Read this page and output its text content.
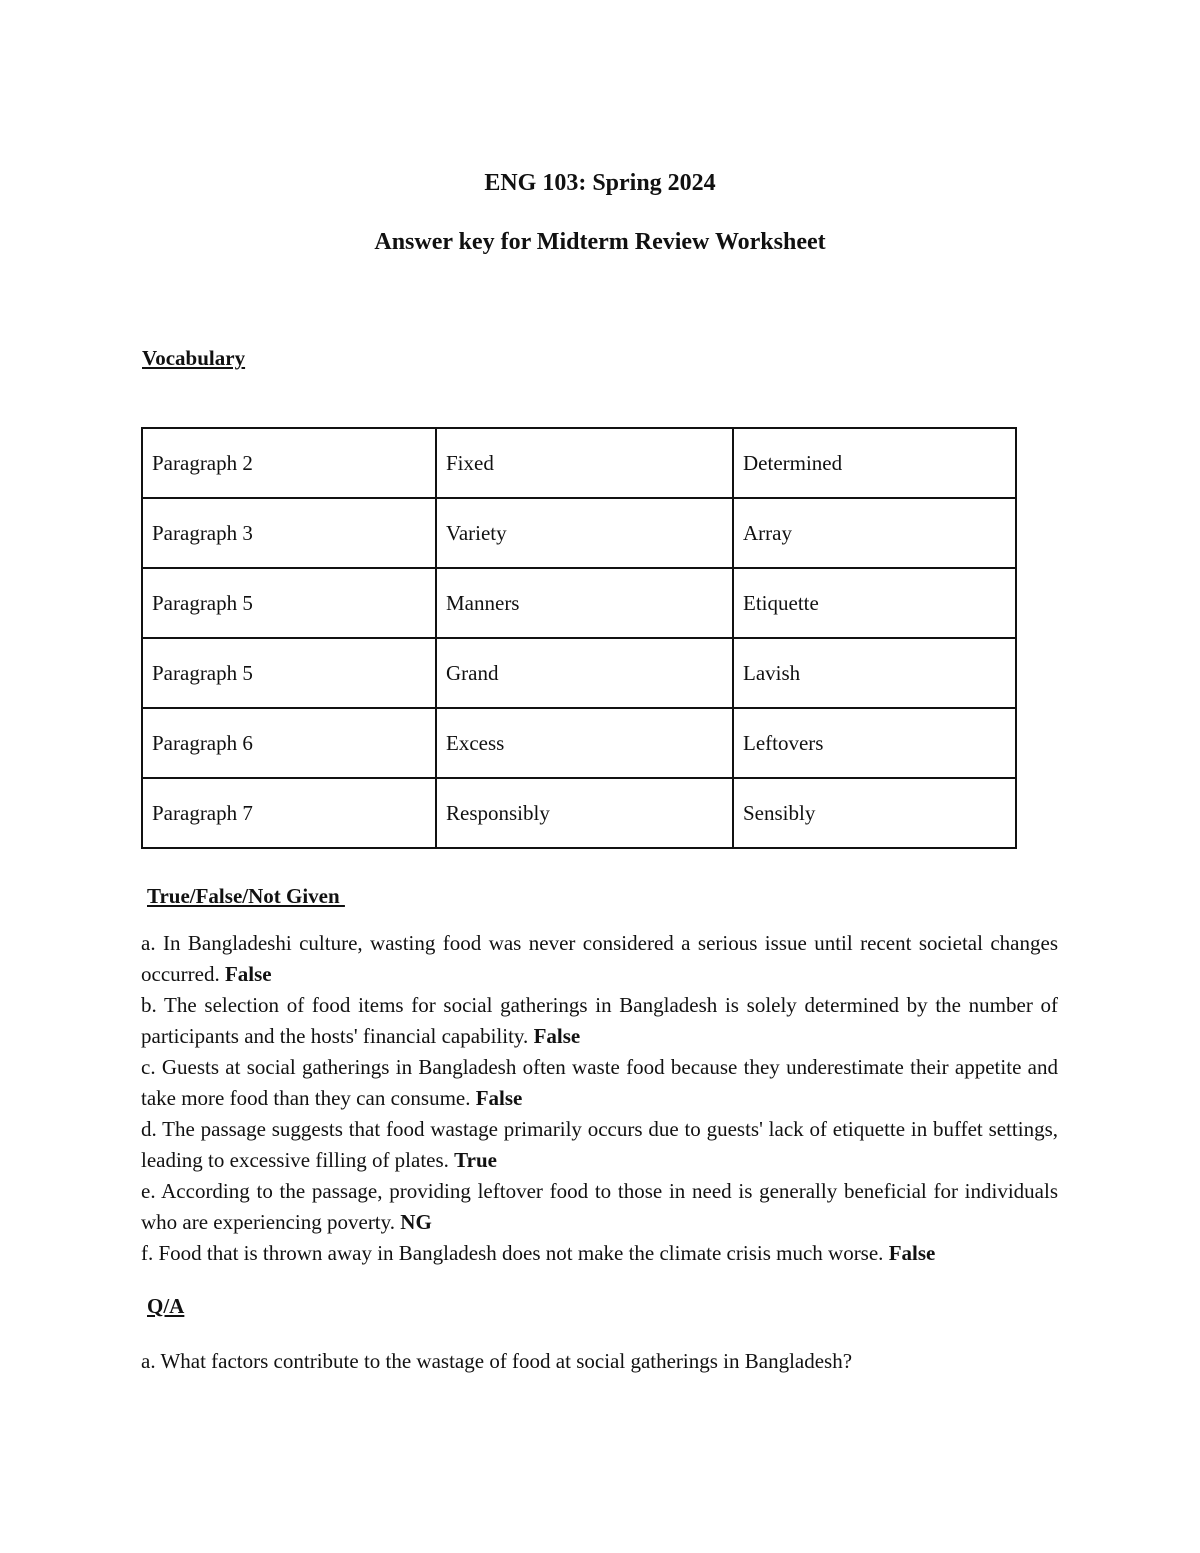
ENG 103: Spring 2024
Answer key for Midterm Review Worksheet
Vocabulary
Paragraph 2	Fixed	Determined
Paragraph 3	Variety	Array
Paragraph 5	Manners	Etiquette
Paragraph 5	Grand	Lavish
Paragraph 6	Excess	Leftovers
Paragraph 7	Responsibly	Sensibly
True/False/Not Given

a. In Bangladeshi culture, wasting food was never considered a serious issue until recent societal changes occurred. False

b. The selection of food items for social gatherings in Bangladesh is solely determined by the number of participants and the hosts' financial capability. False

c. Guests at social gatherings in Bangladesh often waste food because they underestimate their appetite and take more food than they can consume. False

d. The passage suggests that food wastage primarily occurs due to guests' lack of etiquette in buffet settings, leading to excessive filling of plates. True

e. According to the passage, providing leftover food to those in need is generally beneficial for individuals who are experiencing poverty. NG

f. Food that is thrown away in Bangladesh does not make the climate crisis much worse. False

Q/A

a. What factors contribute to the wastage of food at social gatherings in Bangladesh?
